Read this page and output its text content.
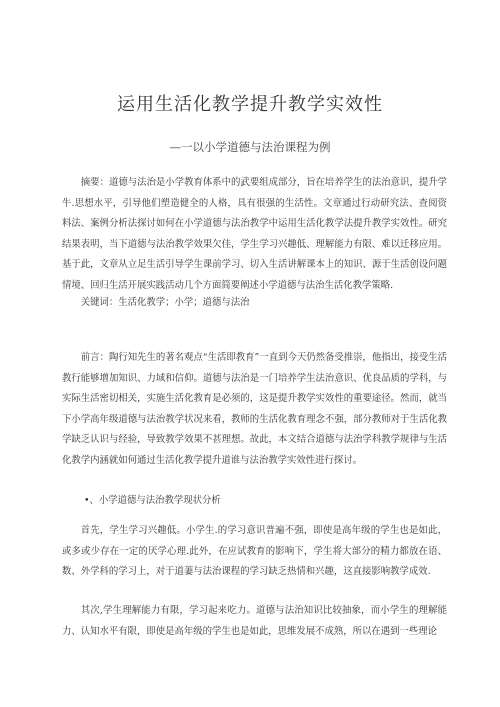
运用生活化教学提升教学实效性
—一以小学道德与法治课程为例
摘要：道德与法治是小学教育体系中的武要组成部分，旨在培养学生的法治意识，提升学牛.思想水平，引导他们塑造健全的人格，具有很强的生活性。文章通过行动研究法、查阅资料法、案例分析法探讨如何在小学道德与法治教学中运用生活化教学法提升教学实效性。研究结果表明，当下道德与法治教学效果欠佳，学生学习兴趣低、理解能力有限、难以迁移应用。基于此，文章从立足生活引导学生课前学习、切入生活讲解课本上的知识、源于生活创设问题情境、回归生活开展实践活动几个方面简要阐述小学道德与法治生活化教学策略.
关键词：生活化教学；小学；道德与法治
前言：陶行知先生的著名观点“生活即教育”一直到今天仍然备受推崇，他指出，接受生活教行能够增加知识、力域和信仰。道德与法治是一门培养学生法治意识、优良品质的学科，与实际生活密切相关，实施生活化教育是必须的，这是提升教学实效性的重要途径。然而，就当下小学高年级道德与法治教学状况来看，教师的生活化教育理念不强，部分教师对于生活化教学缺乏认识与经验，导致教学效果不甚理想。故此，本文结合道德与法治学科教学规律与生活化教学内涵就如何通过生活化教学提升道谁与法治教学实效性进行探讨。
•、小学道德与法治教学现状分析
首先，学生学习兴趣低。小学生.的学习意识普遍不强，即使是高年级的学生也是如此，或多或少存在一定的厌学心理.此外，在应试教育的影响下，学生将大部分的精力都放在语、数、外学科的学习上，对于道萋与法治课程的学习缺乏热情和兴趣，这直接影响教学成效.
其次,学生理解能力有限，学习起来吃力。道德与法治知识比较抽象，而小学生的理解能力、认知水平有限，即使是高年级的学生也是如此，思维发展不成熟，所以在遇到一些理论
